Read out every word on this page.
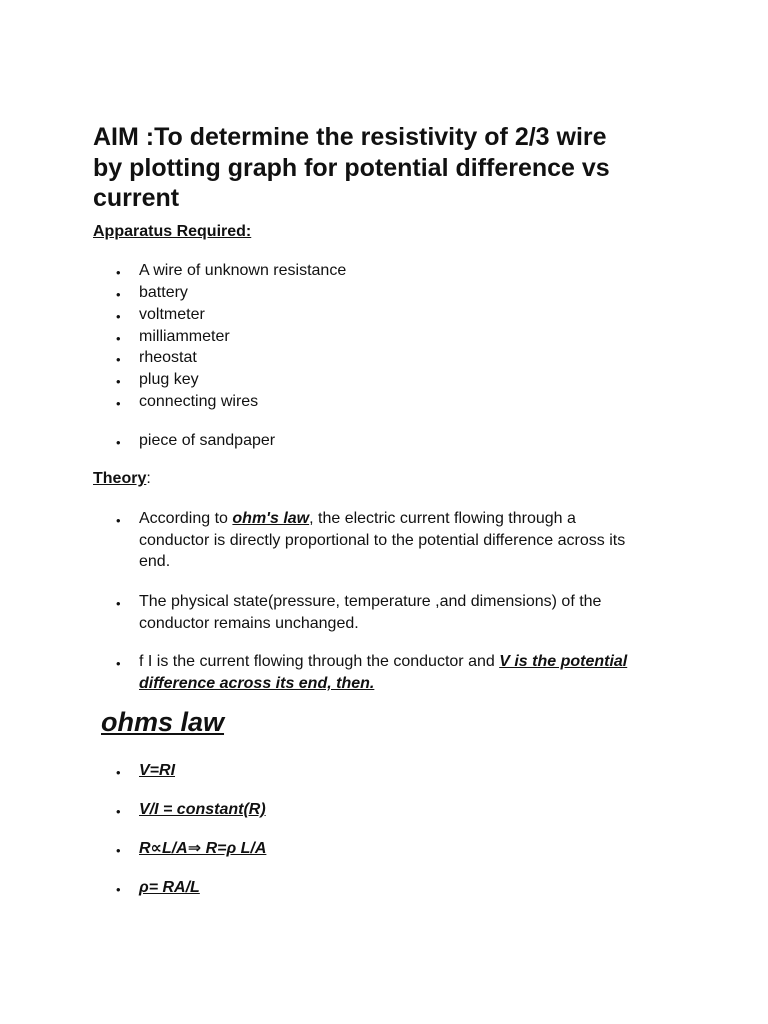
AIM :To determine the resistivity of 2/3 wire
by plotting graph for potential difference vs
current
Apparatus Required:
• A wire of unknown resistance
• battery
• voltmeter
• milliammeter
• rheostat
• plug key
• connecting wires
• piece of sandpaper
Theory:
• According to ohm's law, the electric current flowing through a
conductor is directly proportional to the potential difference across its
end.
• The physical state(pressure, temperature ,and dimensions) of the
conductor remains unchanged.
• f I is the current flowing through the conductor and V is the potential
difference across its end, then.
ohms law
• V=RI
• V/I = constant(R)
• R∝L/A⇒ R=ρ L/A
• ρ= RA/L
